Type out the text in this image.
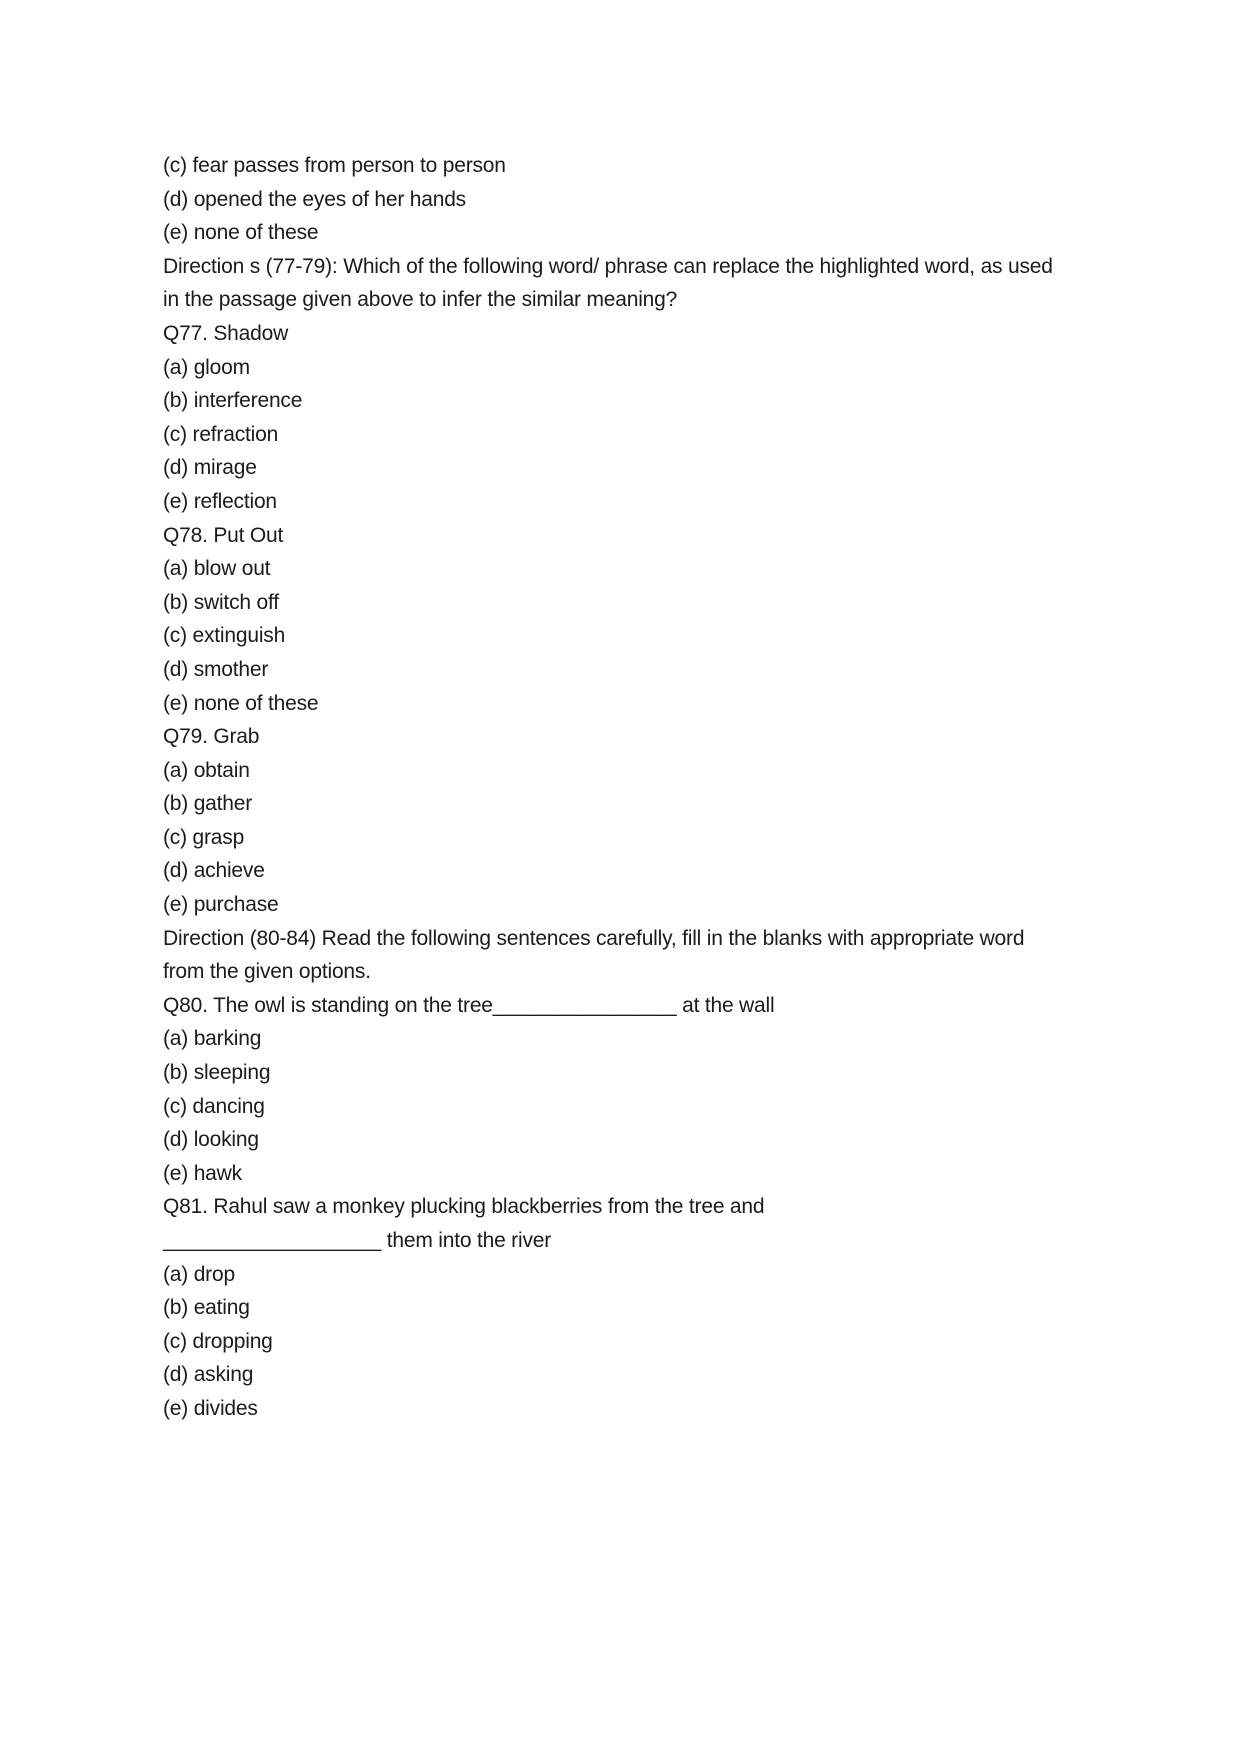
(c) fear passes from person to person
(d) opened the eyes of her hands
(e) none of these
Direction s (77-79): Which of the following word/ phrase can replace the highlighted word, as used
in the passage given above to infer the similar meaning?
Q77. Shadow
(a) gloom
(b) interference
(c) refraction
(d) mirage
(e) reflection
Q78. Put Out
(a) blow out
(b) switch off
(c) extinguish
(d) smother
(e) none of these
Q79. Grab
(a) obtain
(b) gather
(c) grasp
(d) achieve
(e) purchase
Direction (80-84) Read the following sentences carefully, fill in the blanks with appropriate word
from the given options.
Q80. The owl is standing on the tree________________ at the wall
(a) barking
(b) sleeping
(c) dancing
(d) looking
(e) hawk
Q81. Rahul saw a monkey plucking blackberries from the tree and
___________________ them into the river
(a) drop
(b) eating
(c) dropping
(d) asking
(e) divides
